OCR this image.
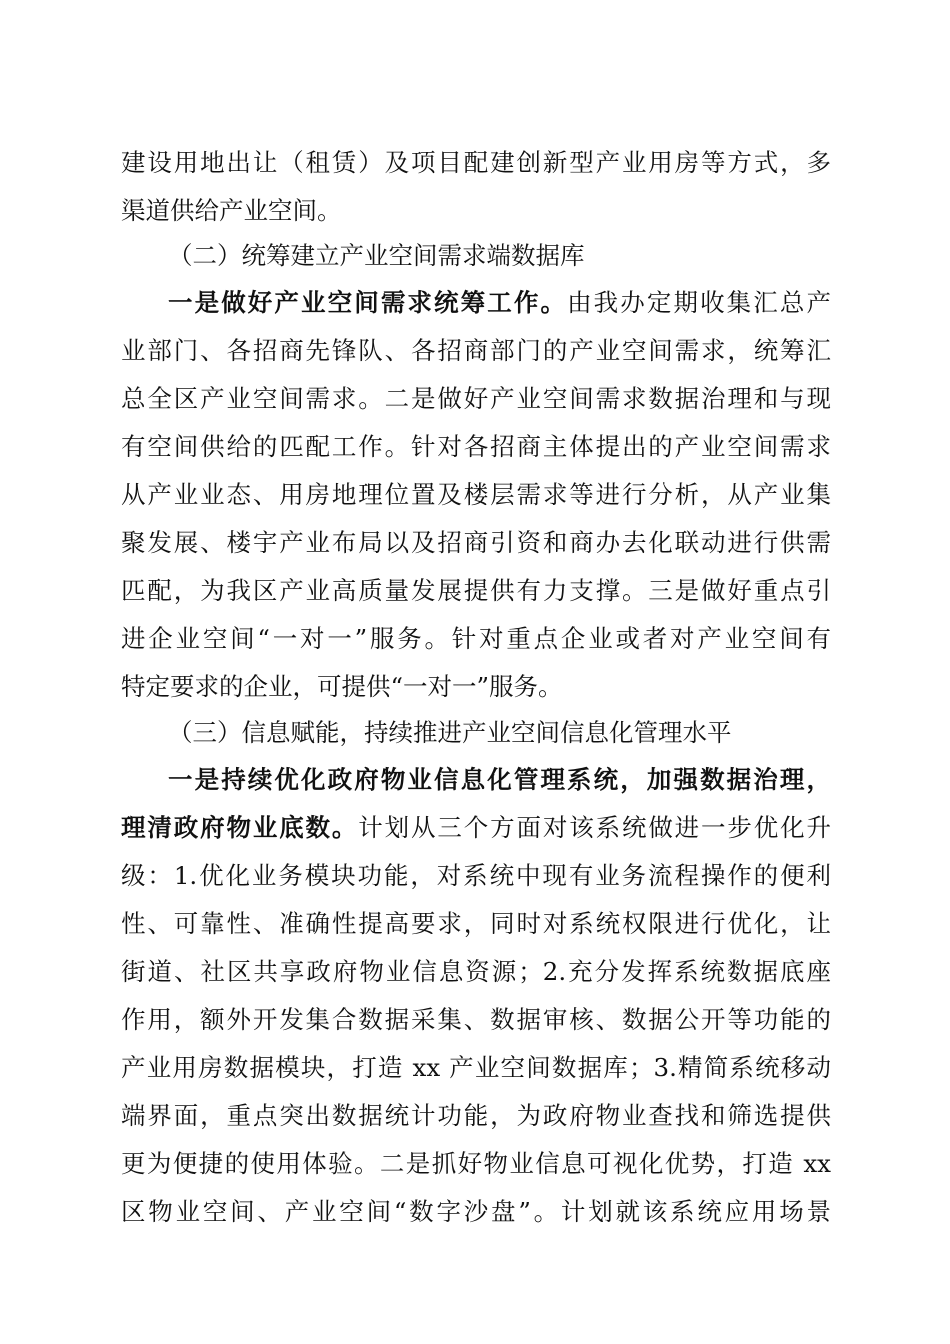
建设用地出让（租赁）及项目配建创新型产业用房等方式，多
渠道供给产业空间。
（二）统筹建立产业空间需求端数据库
一是做好产业空间需求统筹工作。由我办定期收集汇总产
业部门、各招商先锋队、各招商部门的产业空间需求，统筹汇
总全区产业空间需求。二是做好产业空间需求数据治理和与现
有空间供给的匹配工作。针对各招商主体提出的产业空间需求
从产业业态、用房地理位置及楼层需求等进行分析，从产业集
聚发展、楼宇产业布局以及招商引资和商办去化联动进行供需
匹配，为我区产业高质量发展提供有力支撑。三是做好重点引
进企业空间“一对一”服务。针对重点企业或者对产业空间有
特定要求的企业，可提供“一对一”服务。
（三）信息赋能，持续推进产业空间信息化管理水平
一是持续优化政府物业信息化管理系统，加强数据治理，
理清政府物业底数。计划从三个方面对该系统做进一步优化升
级：1.优化业务模块功能，对系统中现有业务流程操作的便利
性、可靠性、准确性提高要求，同时对系统权限进行优化，让
街道、社区共享政府物业信息资源；2.充分发挥系统数据底座
作用，额外开发集合数据采集、数据审核、数据公开等功能的
产业用房数据模块，打造 xx 产业空间数据库；3.精简系统移动
端界面，重点突出数据统计功能，为政府物业查找和筛选提供
更为便捷的使用体验。二是抓好物业信息可视化优势，打造 xx
区物业空间、产业空间“数字沙盘”。计划就该系统应用场景
